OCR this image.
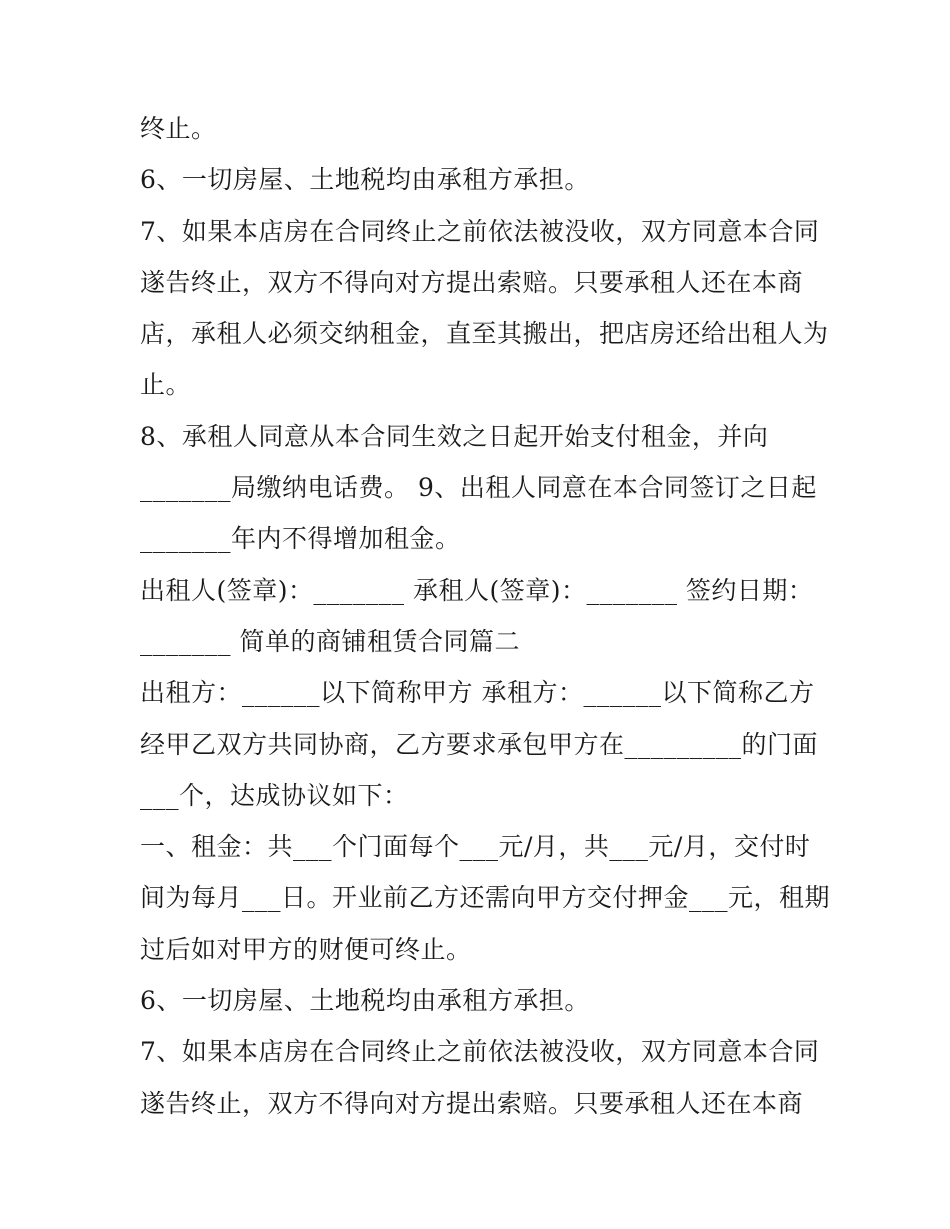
终止。
6、一切房屋、土地税均由承租方承担。
7、如果本店房在合同终止之前依法被没收，双方同意本合同
遂告终止，双方不得向对方提出索赔。只要承租人还在本商
店，承租人必须交纳租金，直至其搬出，把店房还给出租人为
止。
8、承租人同意从本合同生效之日起开始支付租金，并向
_______局缴纳电话费。 9、出租人同意在本合同签订之日起
_______年内不得增加租金。
出租人(签章)：_______ 承租人(签章)：_______ 签约日期：
_______ 简单的商铺租赁合同篇二
出租方：______以下简称甲方 承租方：______以下简称乙方
经甲乙双方共同协商，乙方要求承包甲方在_________的门面
___个，达成协议如下：
一、租金：共___个门面每个___元/月，共___元/月，交付时
间为每月___日。开业前乙方还需向甲方交付押金___元，租期
过后如对甲方的财便可终止。
6、一切房屋、土地税均由承租方承担。
7、如果本店房在合同终止之前依法被没收，双方同意本合同
遂告终止，双方不得向对方提出索赔。只要承租人还在本商
